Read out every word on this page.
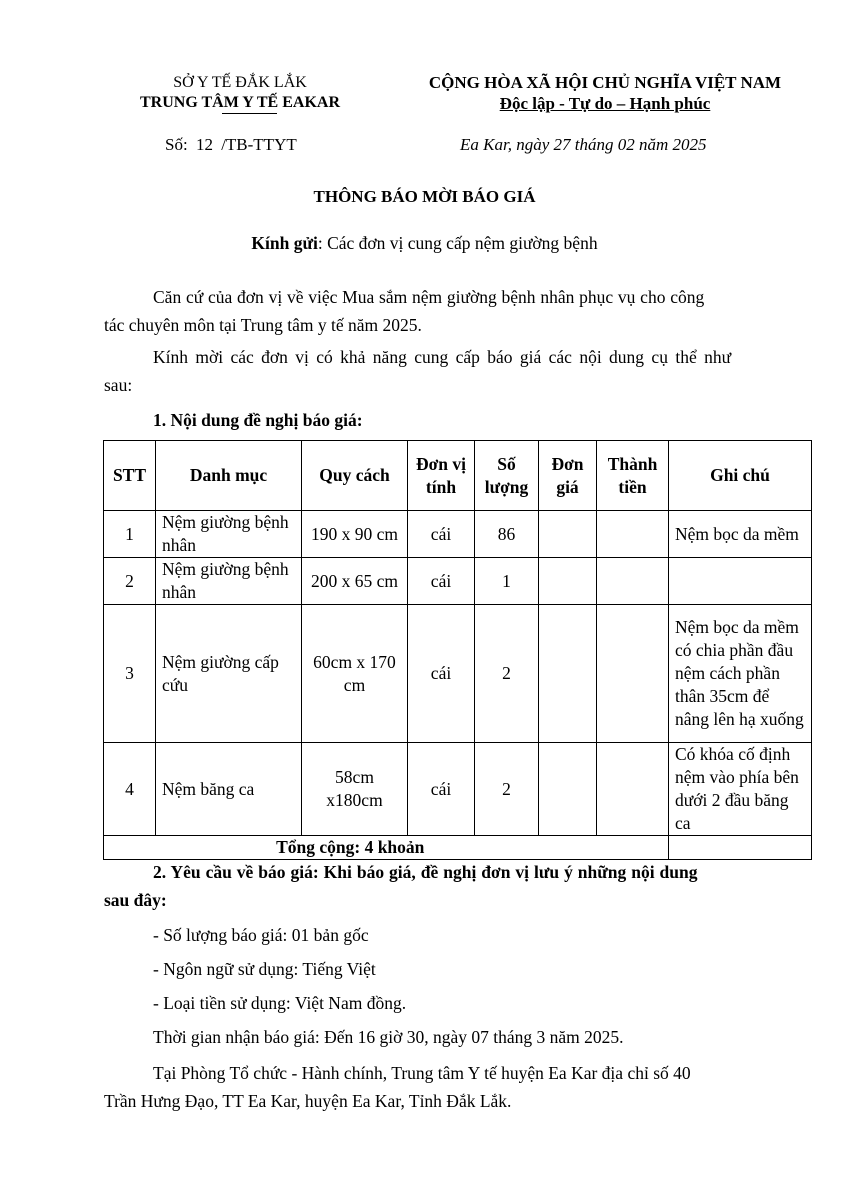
SỞ Y TẾ ĐẮK LẮK
TRUNG TÂM Y TẾ EAKAR
CỘNG HÒA XÃ HỘI CHỦ NGHĨA VIỆT NAM
Độc lập - Tự do – Hạnh phúc
Số: 12 /TB-TTYT	Ea Kar, ngày 27 tháng 02 năm 2025
THÔNG BÁO MỜI BÁO GIÁ
Kính gửi: Các đơn vị cung cấp nệm giường bệnh
Căn cứ của đơn vị về việc Mua sắm nệm giường bệnh nhân phục vụ cho công
tác chuyên môn tại Trung tâm y tế năm 2025.
Kính mời các đơn vị có khả năng cung cấp báo giá các nội dung cụ thể như
sau:
1. Nội dung đề nghị báo giá:
STT	Danh mục	Quy cách	Đơn vị tính	Số lượng	Đơn giá	Thành tiền	Ghi chú
1	Nệm giường bệnh nhân	190 x 90 cm	cái	86			Nệm bọc da mềm
2	Nệm giường bệnh nhân	200 x 65 cm	cái	1			
3	Nệm giường cấp cứu	60cm x 170 cm	cái	2			Nệm bọc da mềm có chia phần đầu nệm cách phần thân 35cm để nâng lên hạ xuống
4	Nệm băng ca	58cm x180cm	cái	2			Có khóa cố định nệm vào phía bên dưới 2 đầu băng ca
Tổng cộng: 4 khoản							
2. Yêu cầu về báo giá: Khi báo giá, đề nghị đơn vị lưu ý những nội dung
sau đây:
- Số lượng báo giá: 01 bản gốc
- Ngôn ngữ sử dụng: Tiếng Việt
- Loại tiền sử dụng: Việt Nam đồng.
Thời gian nhận báo giá: Đến 16 giờ 30, ngày 07 tháng 3 năm 2025.
Tại Phòng Tổ chức - Hành chính, Trung tâm Y tế huyện Ea Kar địa chỉ số 40
Trần Hưng Đạo, TT Ea Kar, huyện Ea Kar, Tỉnh Đắk Lắk.
